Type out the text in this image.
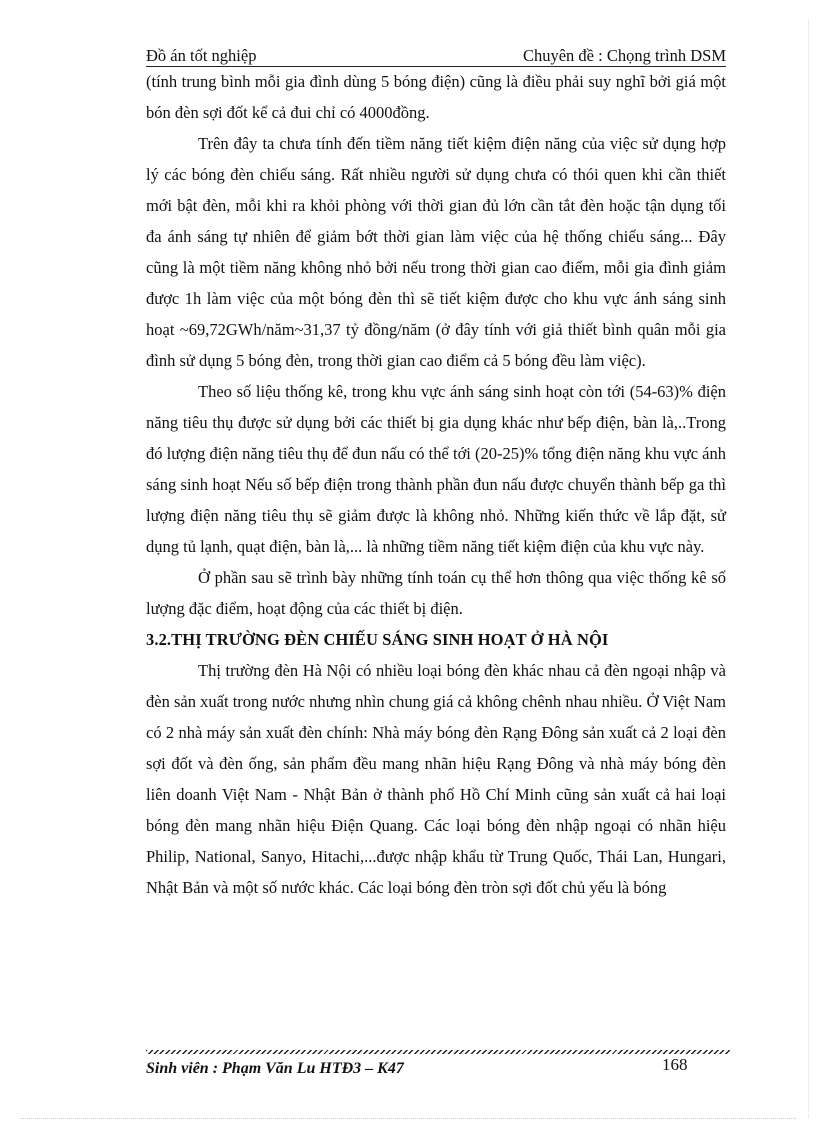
Đồ án tốt nghiệp	Chuyên đề : Chọng trình DSM

(tính trung bình mỗi gia đình dùng 5 bóng điện) cũng là điều phải suy nghĩ bởi giá một bón đèn sợi đốt kể cả đui chỉ có 4000đồng.

Trên đây ta chưa tính đến tiềm năng tiết kiệm điện năng của việc sử dụng hợp lý các bóng đèn chiếu sáng. Rất nhiều người sử dụng chưa có thói quen khi cần thiết mới bật đèn, mỗi khi ra khỏi phòng với thời gian đủ lớn cần tắt đèn hoặc tận dụng tối đa ánh sáng tự nhiên để giảm bớt thời gian làm việc của hệ thống chiếu sáng... Đây cũng là một tiềm năng không nhỏ bởi nếu trong thời gian cao điểm, mỗi gia đình giảm được 1h làm việc của một bóng đèn thì sẽ tiết kiệm được cho khu vực ánh sáng sinh hoạt ~69,72GWh/năm~31,37 tỷ đồng/năm (ở đây tính với giả thiết bình quân mỗi gia đình sử dụng 5 bóng đèn, trong thời gian cao điểm cả 5 bóng đều làm việc).

Theo số liệu thống kê, trong khu vực ánh sáng sinh hoạt còn tới (54-63)% điện năng tiêu thụ được sử dụng bởi các thiết bị gia dụng khác như bếp điện, bàn là,..Trong đó lượng điện năng tiêu thụ để đun nấu có thể tới (20-25)% tổng điện năng khu vực ánh sáng sinh hoạt Nếu số bếp điện trong thành phần đun nấu được chuyển thành bếp ga thì lượng điện năng tiêu thụ sẽ giảm được là không nhỏ. Những kiến thức về lắp đặt, sử dụng tủ lạnh, quạt điện, bàn là,... là những tiềm năng tiết kiệm điện của khu vực này.

Ở phần sau sẽ trình bày những tính toán cụ thể hơn thông qua việc thống kê số lượng đặc điểm, hoạt động của các thiết bị điện.

3.2.THỊ TRƯỜNG ĐÈN CHIẾU SÁNG SINH HOẠT Ở HÀ NỘI

Thị trường đèn Hà Nội có nhiều loại bóng đèn khác nhau cả đèn ngoại nhập và đèn sản xuất trong nước nhưng nhìn chung giá cả không chênh nhau nhiều. Ở Việt Nam có 2 nhà máy sản xuất đèn chính: Nhà máy bóng đèn Rạng Đông sản xuất cả 2 loại đèn sợi đốt và đèn ống, sản phẩm đều mang nhãn hiệu Rạng Đông và nhà máy bóng đèn liên doanh Việt Nam - Nhật Bản ở thành phố Hồ Chí Minh cũng sản xuất cả hai loại bóng đèn mang nhãn hiệu Điện Quang. Các loại bóng đèn nhập ngoại có nhãn hiệu Philip, National, Sanyo, Hitachi,...được nhập khẩu từ Trung Quốc, Thái Lan, Hungari, Nhật Bản và một số nước khác. Các loại bóng đèn tròn sợi đốt chủ yếu là bóng

Sinh viên : Phạm Văn Lu HTĐ3 – K47	168
